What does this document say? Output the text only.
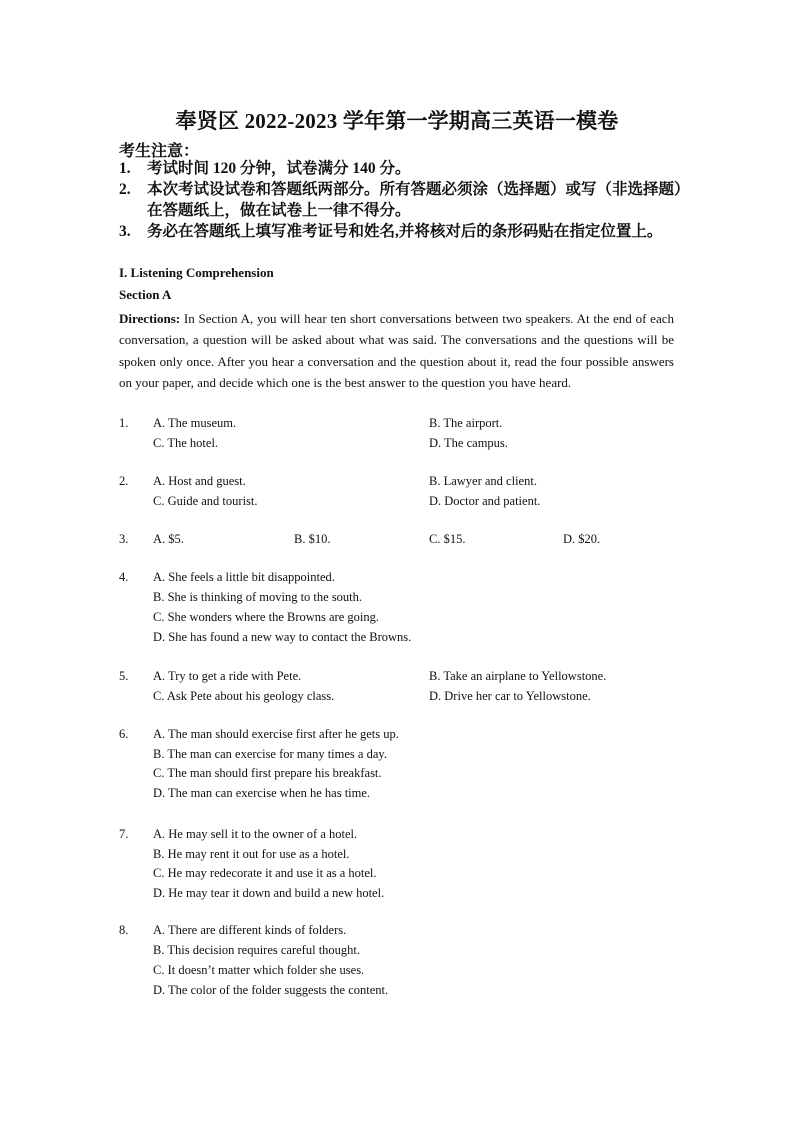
奉贤区 2022-2023 学年第一学期高三英语一模卷
考生注意：
1.	考试时间 120 分钟，试卷满分 140 分。
2.	本次考试设试卷和答题纸两部分。所有答题必须涂（选择题）或写（非选择题）在答题纸上，做在试卷上一律不得分。
3.	务必在答题纸上填写准考证号和姓名,并将核对后的条形码贴在指定位置上。
I. Listening Comprehension
Section A

Directions: In Section A, you will hear ten short conversations between two speakers. At the end of each conversation, a question will be asked about what was said. The conversations and the questions will be spoken only once. After you hear a conversation and the question about it, read the four possible answers on your paper, and decide which one is the best answer to the question you have heard.

1. A. The museum.	B. The airport.
C. The hotel.	D. The campus.
2. A. Host and guest.	B. Lawyer and client.
C. Guide and tourist.	D. Doctor and patient.
3. A. $5.	B. $10.	C. $15.	D. $20.
4. A. She feels a little bit disappointed.
B. She is thinking of moving to the south.
C. She wonders where the Browns are going.
D. She has found a new way to contact the Browns.
5. A. Try to get a ride with Pete.	B. Take an airplane to Yellowstone.
C. Ask Pete about his geology class.	D. Drive her car to Yellowstone.
6. A. The man should exercise first after he gets up.
B. The man can exercise for many times a day.
C. The man should first prepare his breakfast.
D. The man can exercise when he has time.
7. A. He may sell it to the owner of a hotel.
B. He may rent it out for use as a hotel.
C. He may redecorate it and use it as a hotel.
D. He may tear it down and build a new hotel.
8. A. There are different kinds of folders.
B. This decision requires careful thought.
C. It doesn’t matter which folder she uses.
D. The color of the folder suggests the content.
